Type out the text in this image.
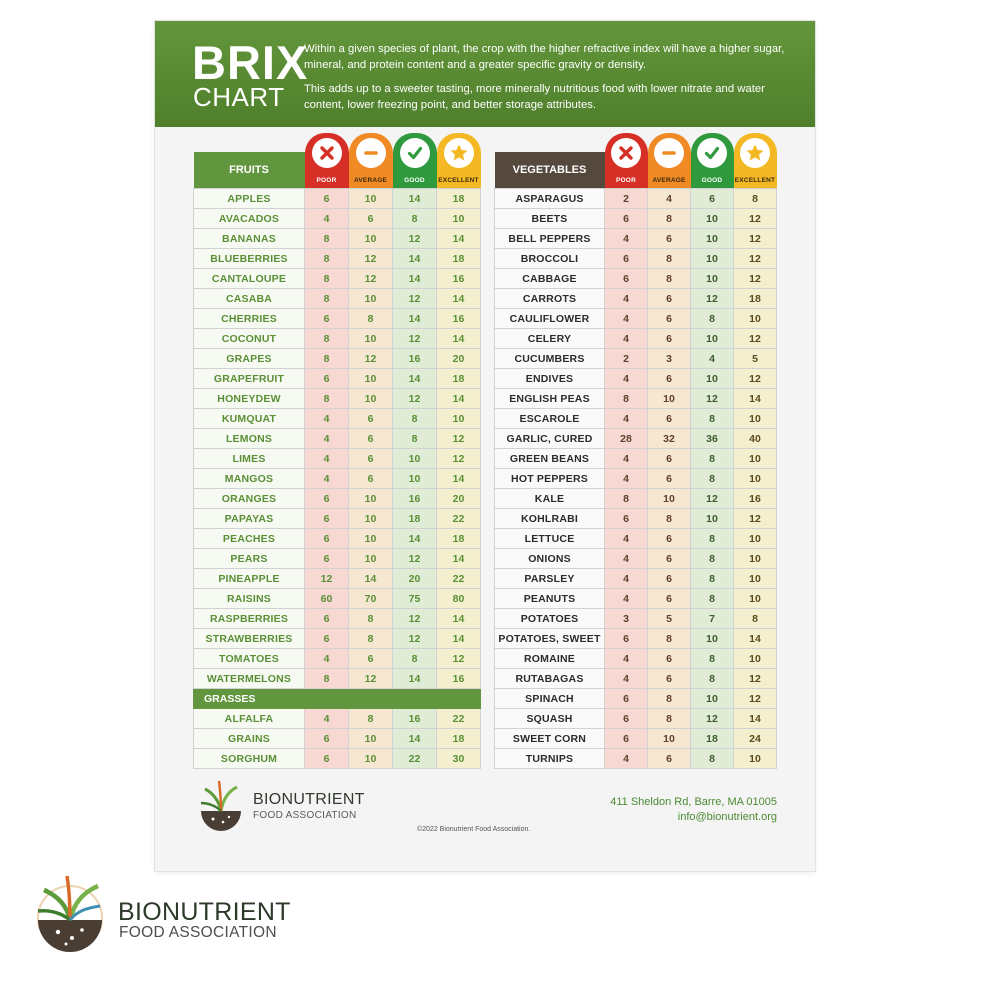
BRIX
CHART

Within a given species of plant, the crop with the higher refractive index will have a higher sugar, mineral, and protein content and a greater specific gravity or density.

This adds up to a sweeter tasting, more minerally nutritious food with lower nitrate and water content, lower freezing point, and better storage attributes.

FRUITS	POOR	AVERAGE	GOOD	EXCELLENT

APPLES	6	10	14	18
AVACADOS	4	6	8	10
BANANAS	8	10	12	14
BLUEBERRIES	8	12	14	18
CANTALOUPE	8	12	14	16
CASABA	8	10	12	14
CHERRIES	6	8	14	16
COCONUT	8	10	12	14
GRAPES	8	12	16	20
GRAPEFRUIT	6	10	14	18
HONEYDEW	8	10	12	14
KUMQUAT	4	6	8	10
LEMONS	4	6	8	12
LIMES	4	6	10	12
MANGOS	4	6	10	14
ORANGES	6	10	16	20
PAPAYAS	6	10	18	22
PEACHES	6	10	14	18
PEARS	6	10	12	14
PINEAPPLE	12	14	20	22
RAISINS	60	70	75	80
RASPBERRIES	6	8	12	14
STRAWBERRIES	6	8	12	14
TOMATOES	4	6	8	12
WATERMELONS	8	12	14	16
GRASSES				
ALFALFA	4	8	16	22
GRAINS	6	10	14	18
SORGHUM	6	10	22	30
VEGETABLES	POOR	AVERAGE	GOOD	EXCELLENT

ASPARAGUS	2	4	6	8
BEETS	6	8	10	12
BELL PEPPERS	4	6	10	12
BROCCOLI	6	8	10	12
CABBAGE	6	8	10	12
CARROTS	4	6	12	18
CAULIFLOWER	4	6	8	10
CELERY	4	6	10	12
CUCUMBERS	2	3	4	5
ENDIVES	4	6	10	12
ENGLISH PEAS	8	10	12	14
ESCAROLE	4	6	8	10
GARLIC, CURED	28	32	36	40
GREEN BEANS	4	6	8	10
HOT PEPPERS	4	6	8	10
KALE	8	10	12	16
KOHLRABI	6	8	10	12
LETTUCE	4	6	8	10
ONIONS	4	6	8	10
PARSLEY	4	6	8	10
PEANUTS	4	6	8	10
POTATOES	3	5	7	8
POTATOES, SWEET	6	8	10	14
ROMAINE	4	6	8	10
RUTABAGAS	4	6	8	12
SPINACH	6	8	10	12
SQUASH	6	8	12	14
SWEET CORN	6	10	18	24
TURNIPS	4	6	8	10
BIONUTRIENT
FOOD ASSOCIATION
411 Sheldon Rd, Barre, MA 01005
info@bionutrient.org
©2022 Bionutrient Food Association.
BIONUTRIENT
FOOD ASSOCIATION
